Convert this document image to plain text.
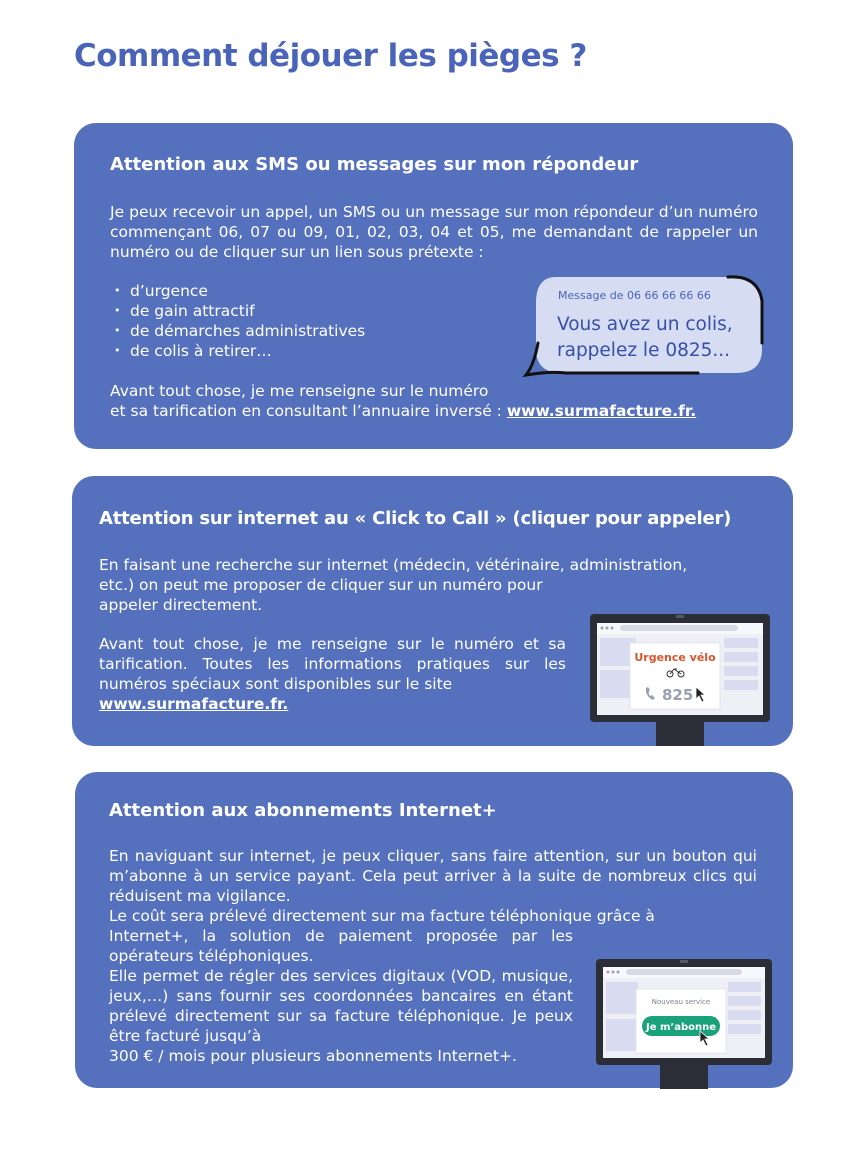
Comment déjouer les pièges ?
Attention aux SMS ou messages sur mon répondeur

Je peux recevoir un appel, un SMS ou un message sur mon répondeur d’un numéro commençant 06, 07 ou 09, 01, 02, 03, 04 et 05, me demandant de rappeler un numéro ou de cliquer sur un lien sous prétexte :

• d’urgence
• de gain attractif
• de démarches administratives
• de colis à retirer…

Avant tout chose, je me renseigne sur le numéro
et sa tarification en consultant l’annuaire inversé : www.surmafacture.fr.

Message de 06 66 66 66 66
Vous avez un colis,
rappelez le 0825...
Attention sur internet au « Click to Call » (cliquer pour appeler)

En faisant une recherche sur internet (médecin, vétérinaire, administration,

etc.) on peut me proposer de cliquer sur un numéro pour appeler directement.

Avant tout chose, je me renseigne sur le numéro et sa tarification. Toutes les informations pratiques sur les numéros spéciaux sont disponibles sur le site
www.surmafacture.fr.

Urgence vélo
825
Attention aux abonnements Internet+

En naviguant sur internet, je peux cliquer, sans faire attention, sur un bouton qui m’abonne à un service payant. Cela peut arriver à la suite de nombreux clics qui réduisent ma vigilance.

Le coût sera prélevé directement sur ma facture téléphonique grâce à

Internet+, la solution de paiement proposée par les opérateurs téléphoniques.

Elle permet de régler des services digitaux (VOD, musique, jeux,…) sans fournir ses coordonnées bancaires en étant prélevé directement sur sa facture téléphonique. Je peux être facturé jusqu’à

300 € / mois pour plusieurs abonnements Internet+.

Nouveau service
Je m’abonne
